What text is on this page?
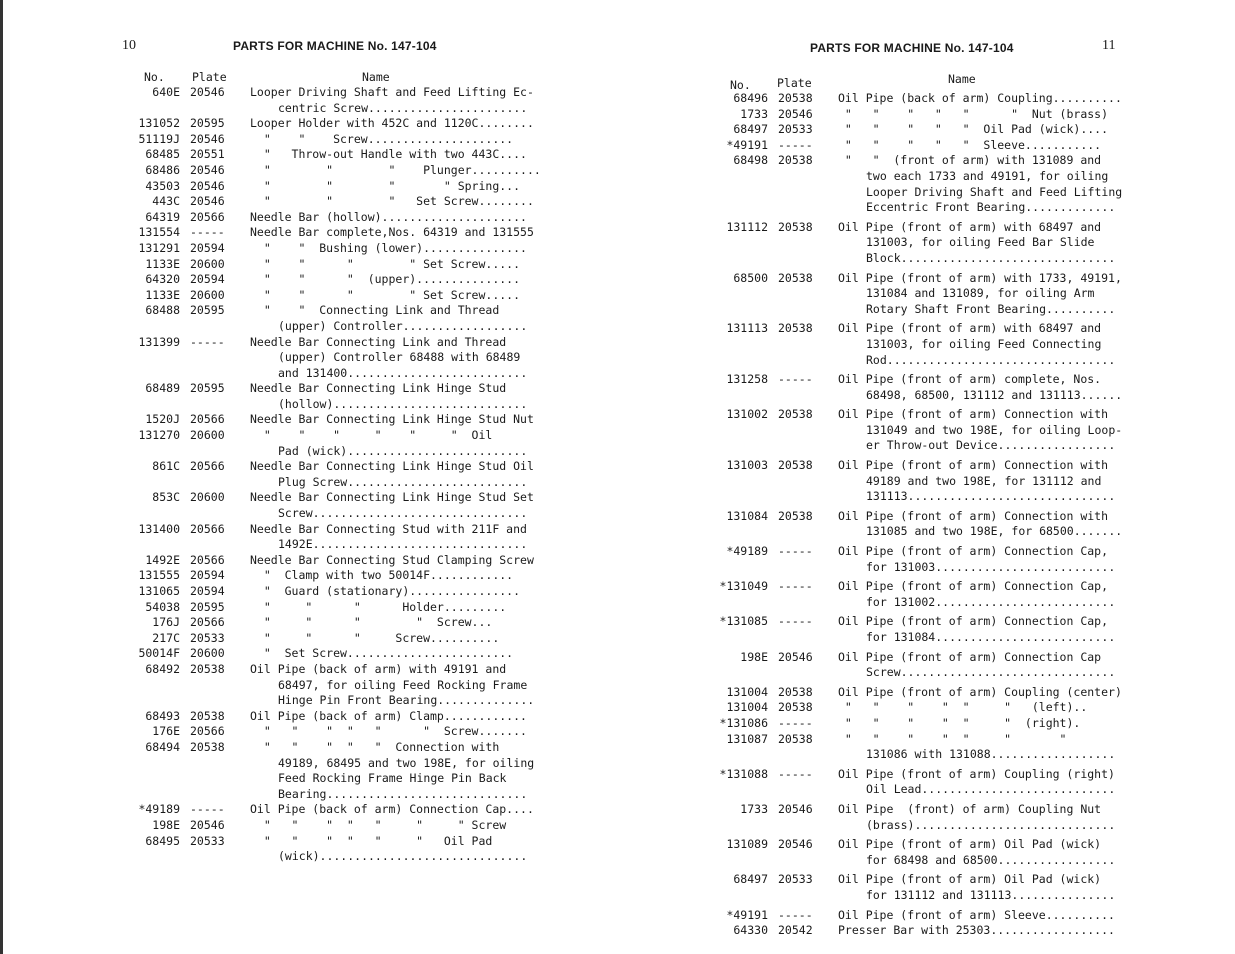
10	PARTS FOR MACHINE No. 147-104
No. Plate	Name
640E 20546	Looper Driving Shaft and Feed Lifting Ec-
centric Screw.......................
131052 20595	Looper Holder with 452C and 1120C........
51119J 20546	"    "    Screw.....................
68485 20551	"   Throw-out Handle with two 443C....
68486 20546	"        "        "    Plunger..........
43503 20546	"        "        "       " Spring...
443C 20546	"        "        "   Set Screw........
64319 20566	Needle Bar (hollow).....................
131554 -----	Needle Bar complete,Nos. 64319 and 131555
131291 20594	"    "  Bushing (lower)...............
1133E 20600	"    "      "        " Set Screw.....
64320 20594	"    "      "  (upper)...............
1133E 20600	"    "      "        " Set Screw.....
68488 20595	"    "  Connecting Link and Thread
(upper) Controller..................
131399 -----	Needle Bar Connecting Link and Thread
(upper) Controller 68488 with 68489
and 131400..........................
68489 20595	Needle Bar Connecting Link Hinge Stud
(hollow)............................
1520J 20566	Needle Bar Connecting Link Hinge Stud Nut
131270 20600	"    "    "     "    "     "  Oil
Pad (wick)..........................
861C 20566	Needle Bar Connecting Link Hinge Stud Oil
Plug Screw..........................
853C 20600	Needle Bar Connecting Link Hinge Stud Set
Screw...............................
131400 20566	Needle Bar Connecting Stud with 211F and
1492E...............................
1492E 20566	Needle Bar Connecting Stud Clamping Screw
131555 20594	"  Clamp with two 50014F............
131065 20594	"  Guard (stationary)................
54038 20595	"     "      "      Holder.........
176J 20566	"     "      "        "  Screw...
217C 20533	"     "      "     Screw..........
50014F 20600	"  Set Screw........................
68492 20538	Oil Pipe (back of arm) with 49191 and
68497, for oiling Feed Rocking Frame
Hinge Pin Front Bearing..............
68493 20538	Oil Pipe (back of arm) Clamp............
176E 20566	"   "    "  "   "      "  Screw.......
68494 20538	"   "    "  "   "  Connection with
49189, 68495 and two 198E, for oiling
Feed Rocking Frame Hinge Pin Back
Bearing.............................
*49189 -----	Oil Pipe (back of arm) Connection Cap....
198E 20546	"   "    "  "   "     "     " Screw
68495 20533	"   "    "  "   "     "   Oil Pad
(wick)..............................
PARTS FOR MACHINE No. 147-104	11
No. Plate	Name
68496 20538	Oil Pipe (back of arm) Coupling..........
1733 20546	"   "    "   "   "      "  Nut (brass)
68497 20533	"   "    "   "   "  Oil Pad (wick)....
*49191 -----	"   "    "   "   "  Sleeve...........
68498 20538	"   "  (front of arm) with 131089 and
two each 1733 and 49191, for oiling
Looper Driving Shaft and Feed Lifting
Eccentric Front Bearing.............
131112 20538	Oil Pipe (front of arm) with 68497 and
131003, for oiling Feed Bar Slide
Block...............................
68500 20538	Oil Pipe (front of arm) with 1733, 49191,
131084 and 131089, for oiling Arm
Rotary Shaft Front Bearing..........
131113 20538	Oil Pipe (front of arm) with 68497 and
131003, for oiling Feed Connecting
Rod.................................
131258 -----	Oil Pipe (front of arm) complete, Nos.
68498, 68500, 131112 and 131113......
131002 20538	Oil Pipe (front of arm) Connection with
131049 and two 198E, for oiling Loop-
er Throw-out Device.................
131003 20538	Oil Pipe (front of arm) Connection with
49189 and two 198E, for 131112 and
131113..............................
131084 20538	Oil Pipe (front of arm) Connection with
131085 and two 198E, for 68500.......
*49189 -----	Oil Pipe (front of arm) Connection Cap,
for 131003..........................
*131049 -----	Oil Pipe (front of arm) Connection Cap,
for 131002..........................
*131085 -----	Oil Pipe (front of arm) Connection Cap,
for 131084..........................
198E 20546	Oil Pipe (front of arm) Connection Cap
Screw...............................
131004 20538	Oil Pipe (front of arm) Coupling (center)
131004 20538	"   "    "    "  "     "   (left)..
*131086 -----	"   "    "    "  "     "  (right).
131087 20538	"   "    "    "  "     "       "
131086 with 131088..................
*131088 -----	Oil Pipe (front of arm) Coupling (right)
Oil Lead............................
1733 20546	Oil Pipe  (front) of arm) Coupling Nut
(brass).............................
131089 20546	Oil Pipe (front of arm) Oil Pad (wick)
for 68498 and 68500.................
68497 20533	Oil Pipe (front of arm) Oil Pad (wick)
for 131112 and 131113...............
*49191 -----	Oil Pipe (front of arm) Sleeve..........
64330 20542	Presser Bar with 25303..................
